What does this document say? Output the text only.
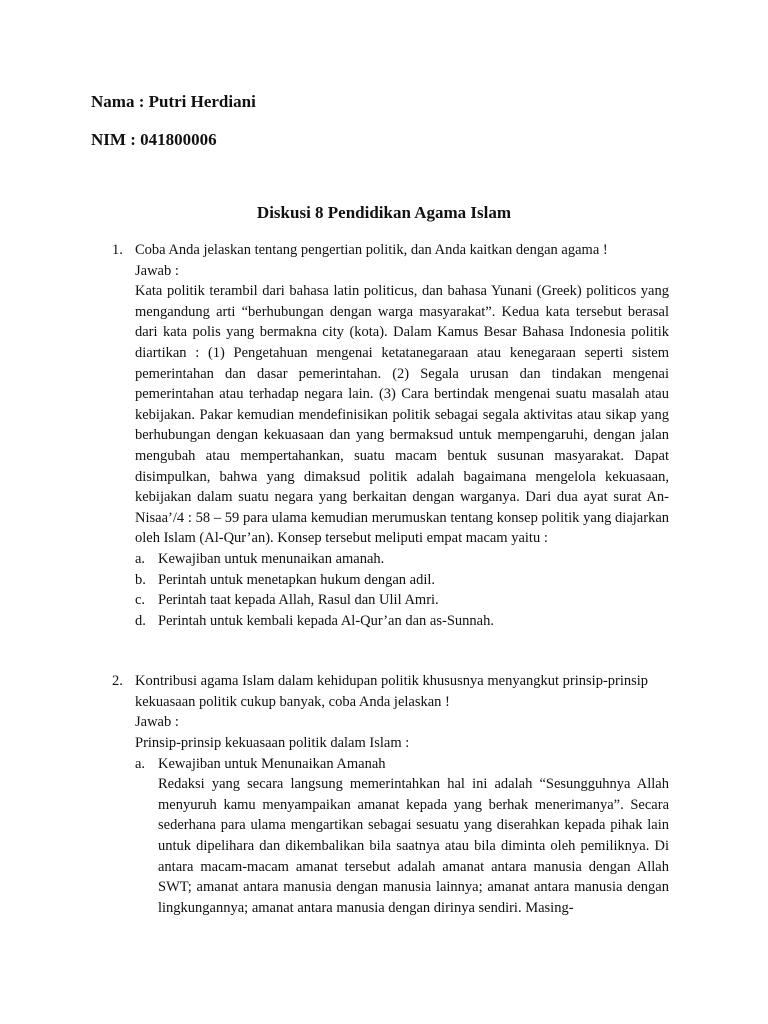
Nama : Putri Herdiani

NIM : 041800006

Diskusi 8 Pendidikan Agama Islam
1. Coba Anda jelaskan tentang pengertian politik, dan Anda kaitkan dengan agama !

Jawab :

Kata politik terambil dari bahasa latin politicus, dan bahasa Yunani (Greek) politicos yang mengandung arti “berhubungan dengan warga masyarakat”. Kedua kata tersebut berasal dari kata polis yang bermakna city (kota). Dalam Kamus Besar Bahasa Indonesia politik diartikan : (1) Pengetahuan mengenai ketatanegaraan atau kenegaraan seperti sistem pemerintahan dan dasar pemerintahan. (2) Segala urusan dan tindakan mengenai pemerintahan atau terhadap negara lain. (3) Cara bertindak mengenai suatu masalah atau kebijakan. Pakar kemudian mendefinisikan politik sebagai segala aktivitas atau sikap yang berhubungan dengan kekuasaan dan yang bermaksud untuk mempengaruhi, dengan jalan mengubah atau mempertahankan, suatu macam bentuk susunan masyarakat. Dapat disimpulkan, bahwa yang dimaksud politik adalah bagaimana mengelola kekuasaan, kebijakan dalam suatu negara yang berkaitan dengan warganya. Dari dua ayat surat An-Nisaa’/4 : 58 – 59 para ulama kemudian merumuskan tentang konsep politik yang diajarkan oleh Islam (Al-Qur’an). Konsep tersebut meliputi empat macam yaitu :

a. Kewajiban untuk menunaikan amanah.
b. Perintah untuk menetapkan hukum dengan adil.
c. Perintah taat kepada Allah, Rasul dan Ulil Amri.
d. Perintah untuk kembali kepada Al-Qur’an dan as-Sunnah.
2. Kontribusi agama Islam dalam kehidupan politik khususnya menyangkut prinsip-prinsip kekuasaan politik cukup banyak, coba Anda jelaskan !

Jawab :

Prinsip-prinsip kekuasaan politik dalam Islam :

a. Kewajiban untuk Menunaikan Amanah

Redaksi yang secara langsung memerintahkan hal ini adalah “Sesungguhnya Allah menyuruh kamu menyampaikan amanat kepada yang berhak menerimanya”. Secara sederhana para ulama mengartikan sebagai sesuatu yang diserahkan kepada pihak lain untuk dipelihara dan dikembalikan bila saatnya atau bila diminta oleh pemiliknya. Di antara macam-macam amanat tersebut adalah amanat antara manusia dengan Allah SWT; amanat antara manusia dengan manusia lainnya; amanat antara manusia dengan lingkungannya; amanat antara manusia dengan dirinya sendiri. Masing-
